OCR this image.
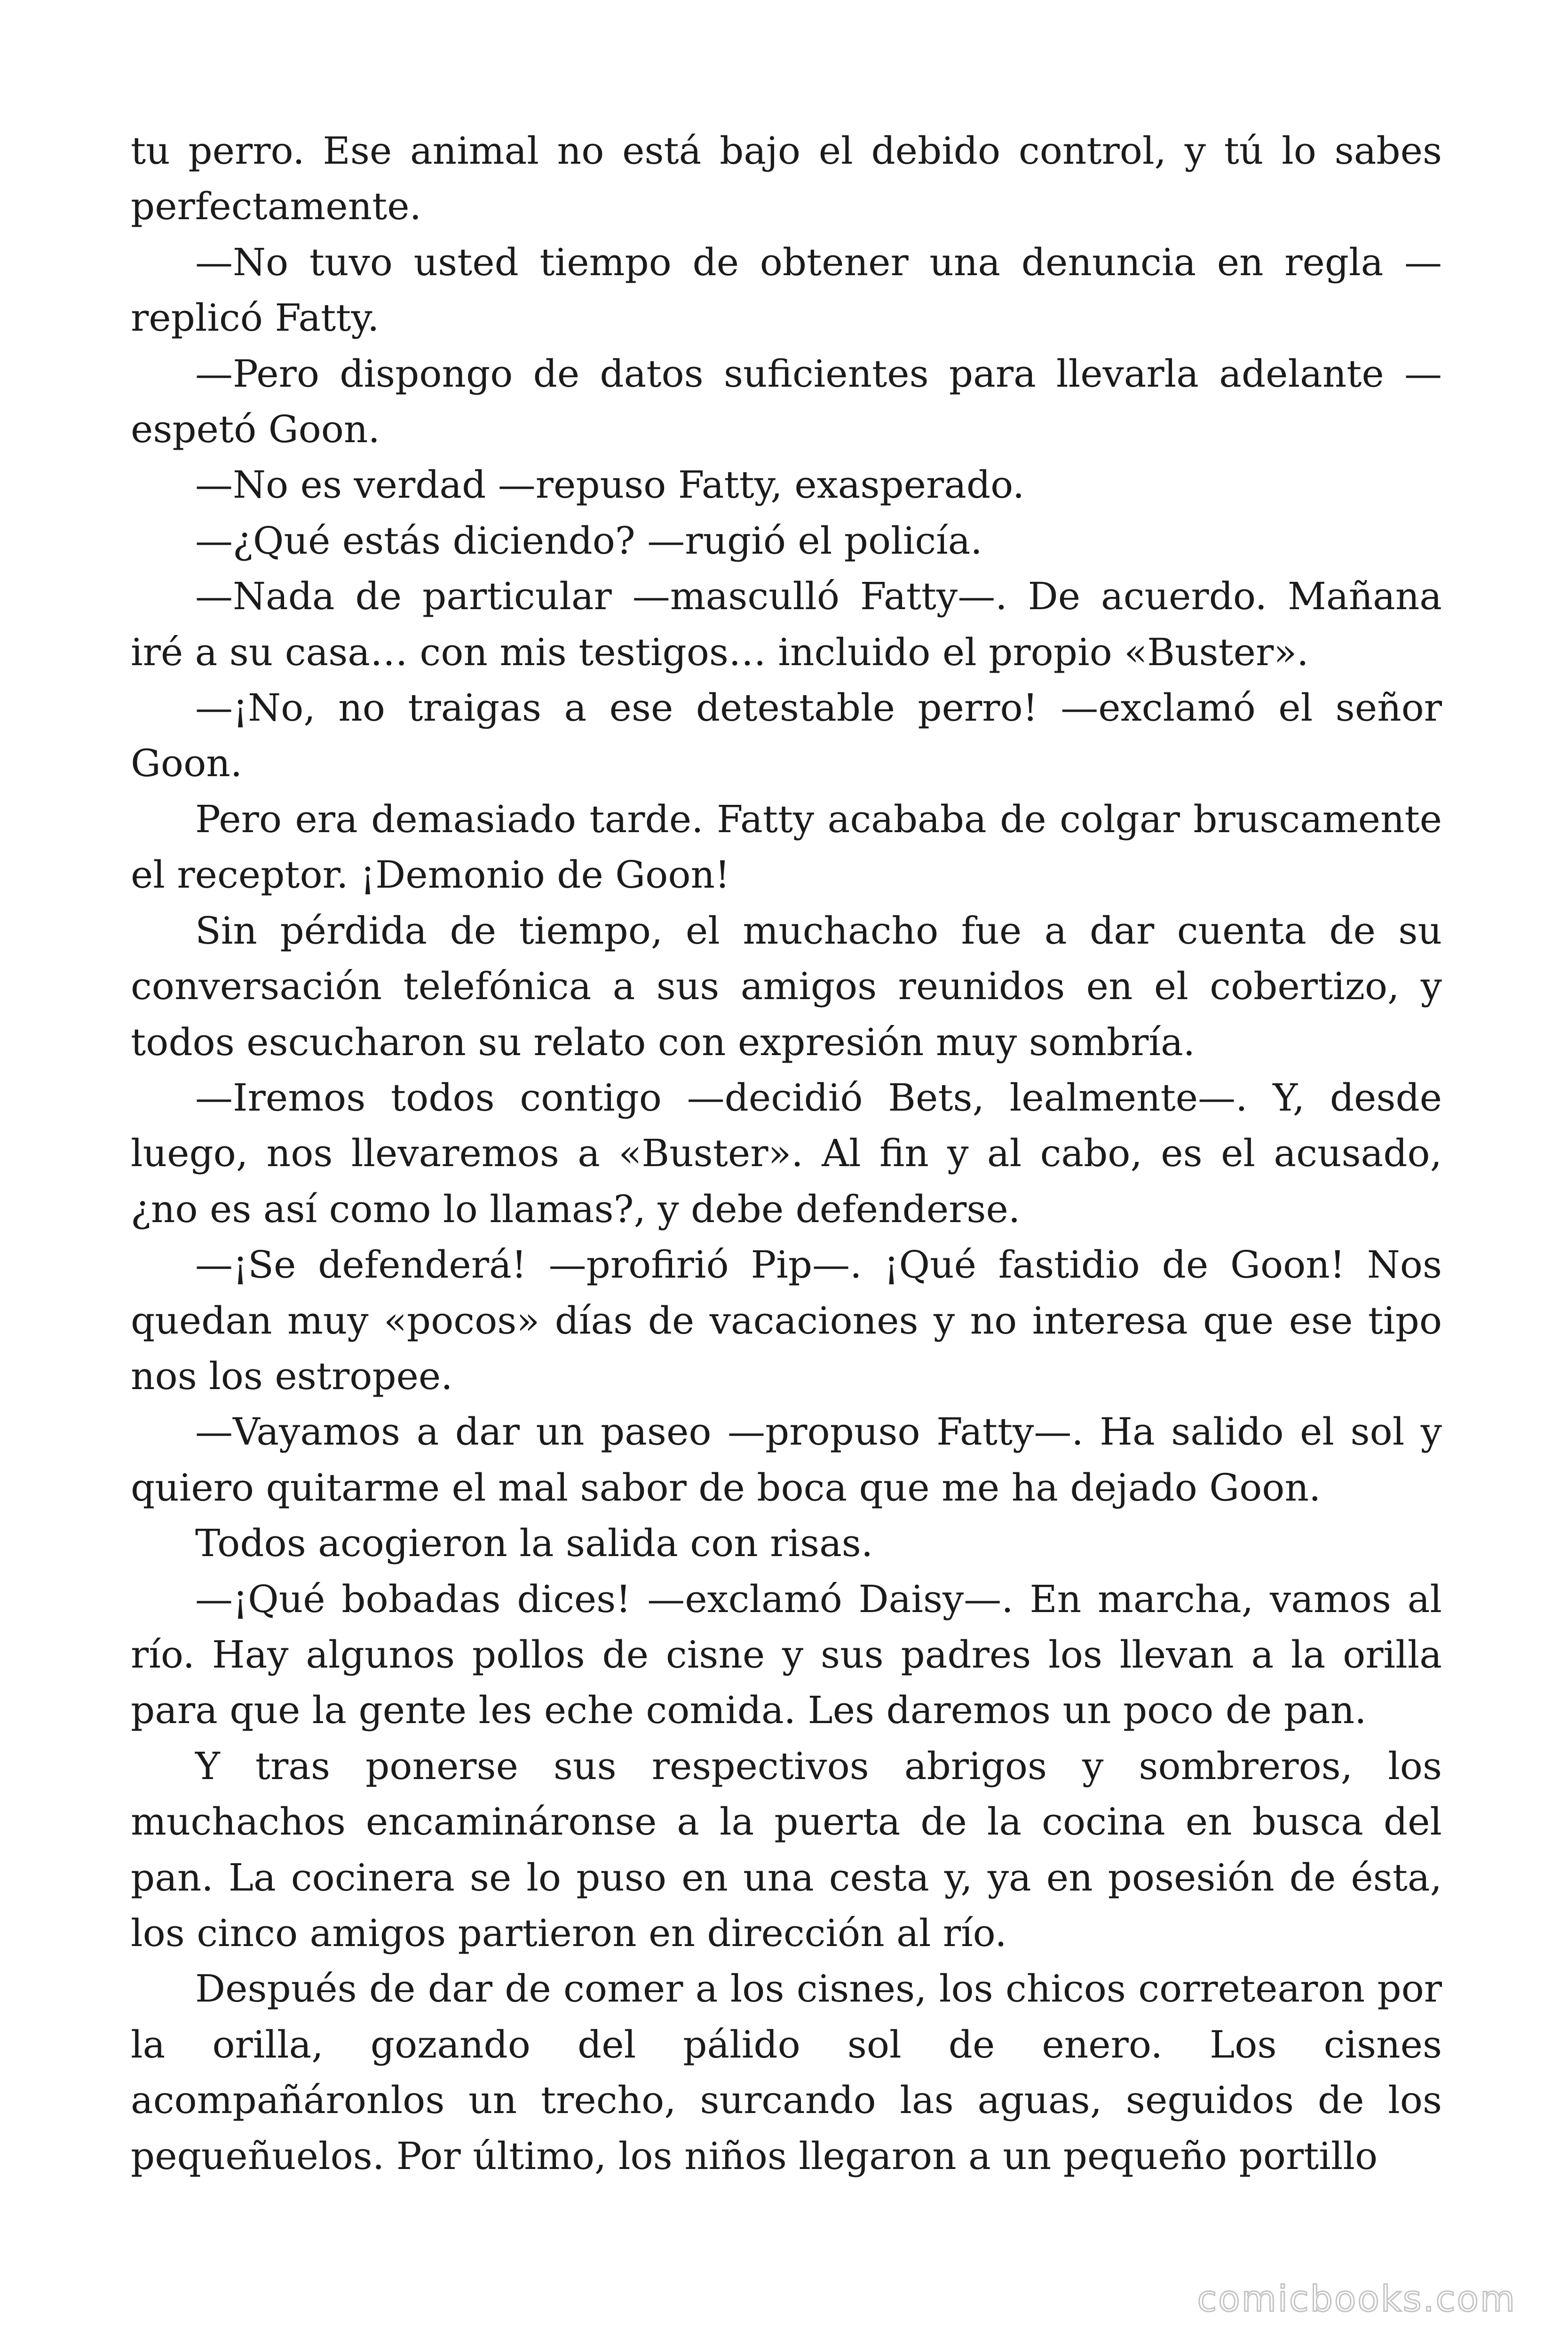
tu perro. Ese animal no está bajo el debido control, y tú lo sabes perfectamente.

—No tuvo usted tiempo de obtener una denuncia en regla —replicó Fatty.

—Pero dispongo de datos suficientes para llevarla adelante —espetó Goon.

—No es verdad —repuso Fatty, exasperado.

—¿Qué estás diciendo? —rugió el policía.

—Nada de particular —masculló Fatty—. De acuerdo. Mañana iré a su casa… con mis testigos… incluido el propio «Buster».

—¡No, no traigas a ese detestable perro! —exclamó el señor Goon.

Pero era demasiado tarde. Fatty acababa de colgar bruscamente el receptor. ¡Demonio de Goon!

Sin pérdida de tiempo, el muchacho fue a dar cuenta de su conversación telefónica a sus amigos reunidos en el cobertizo, y todos escucharon su relato con expresión muy sombría.

—Iremos todos contigo —decidió Bets, lealmente—. Y, desde luego, nos llevaremos a «Buster». Al fin y al cabo, es el acusado, ¿no es así como lo llamas?, y debe defenderse.

—¡Se defenderá! —profirió Pip—. ¡Qué fastidio de Goon! Nos quedan muy «pocos» días de vacaciones y no interesa que ese tipo nos los estropee.

—Vayamos a dar un paseo —propuso Fatty—. Ha salido el sol y quiero quitarme el mal sabor de boca que me ha dejado Goon.

Todos acogieron la salida con risas.

—¡Qué bobadas dices! —exclamó Daisy—. En marcha, vamos al río. Hay algunos pollos de cisne y sus padres los llevan a la orilla para que la gente les eche comida. Les daremos un poco de pan.

Y tras ponerse sus respectivos abrigos y sombreros, los muchachos encamináronse a la puerta de la cocina en busca del pan. La cocinera se lo puso en una cesta y, ya en posesión de ésta, los cinco amigos partieron en dirección al río.

Después de dar de comer a los cisnes, los chicos corretearon por la orilla, gozando del pálido sol de enero. Los cisnes acompañáronlos un trecho, surcando las aguas, seguidos de los pequeñuelos. Por último, los niños llegaron a un pequeño portillo

comicbooks.com
